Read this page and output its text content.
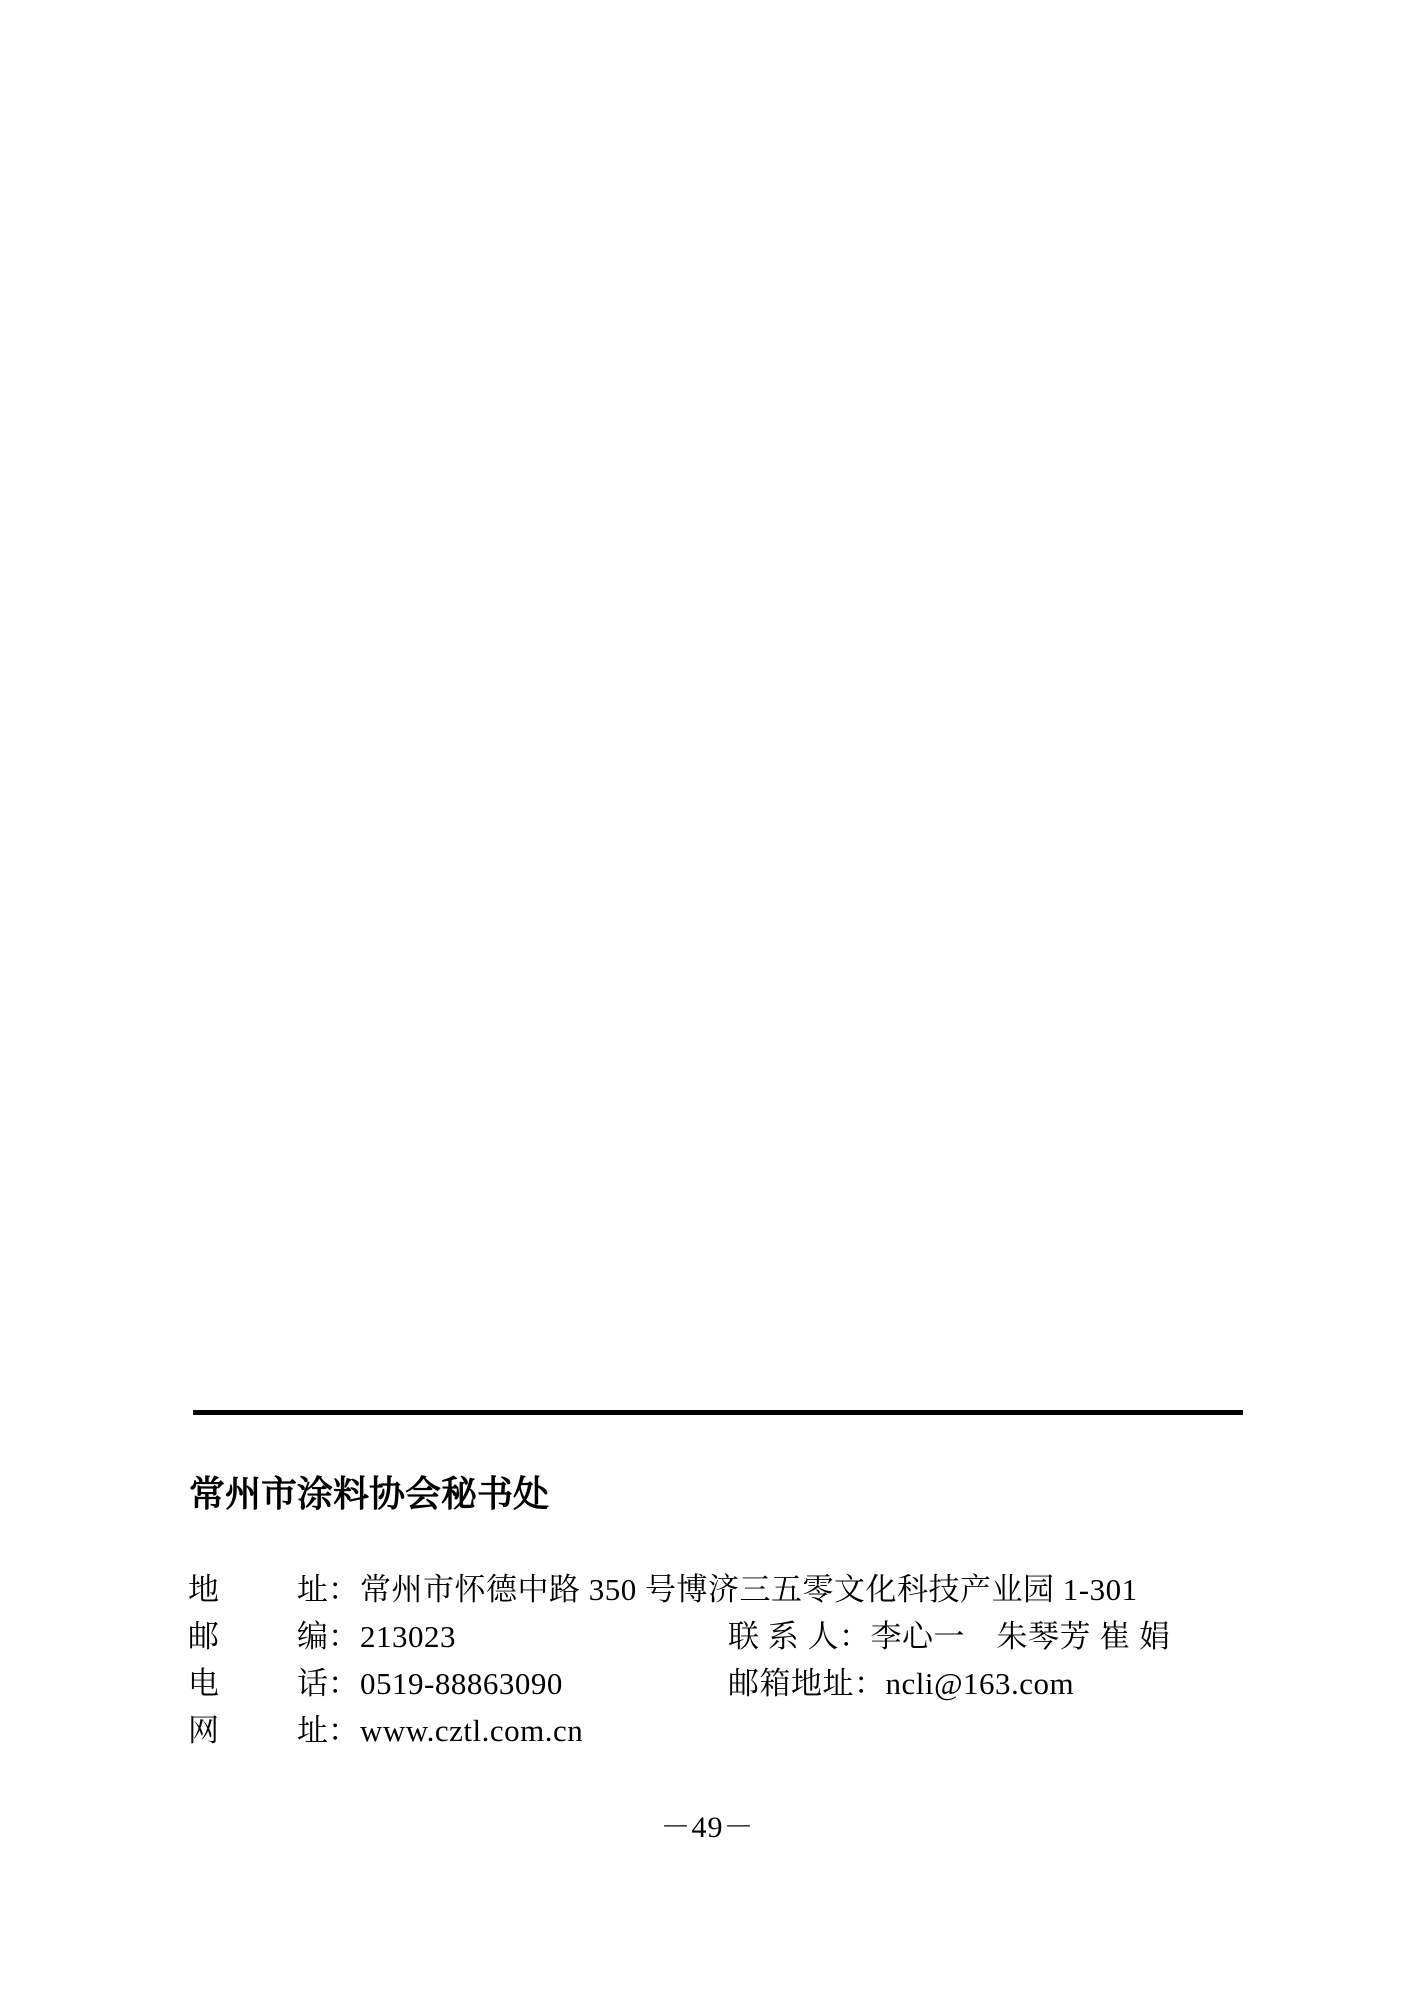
常州市涂料协会秘书处
地	址 ： 常州市怀德中路 350 号博济三五零文化科技产业园 1-301
邮	编 ： 213023	联 系 人：李心一　朱琴芳 崔 娟
电	话 ： 0519-88863090	邮箱地址：ncli@163.com
网	址 ： www.cztl.com.cn
－49－
